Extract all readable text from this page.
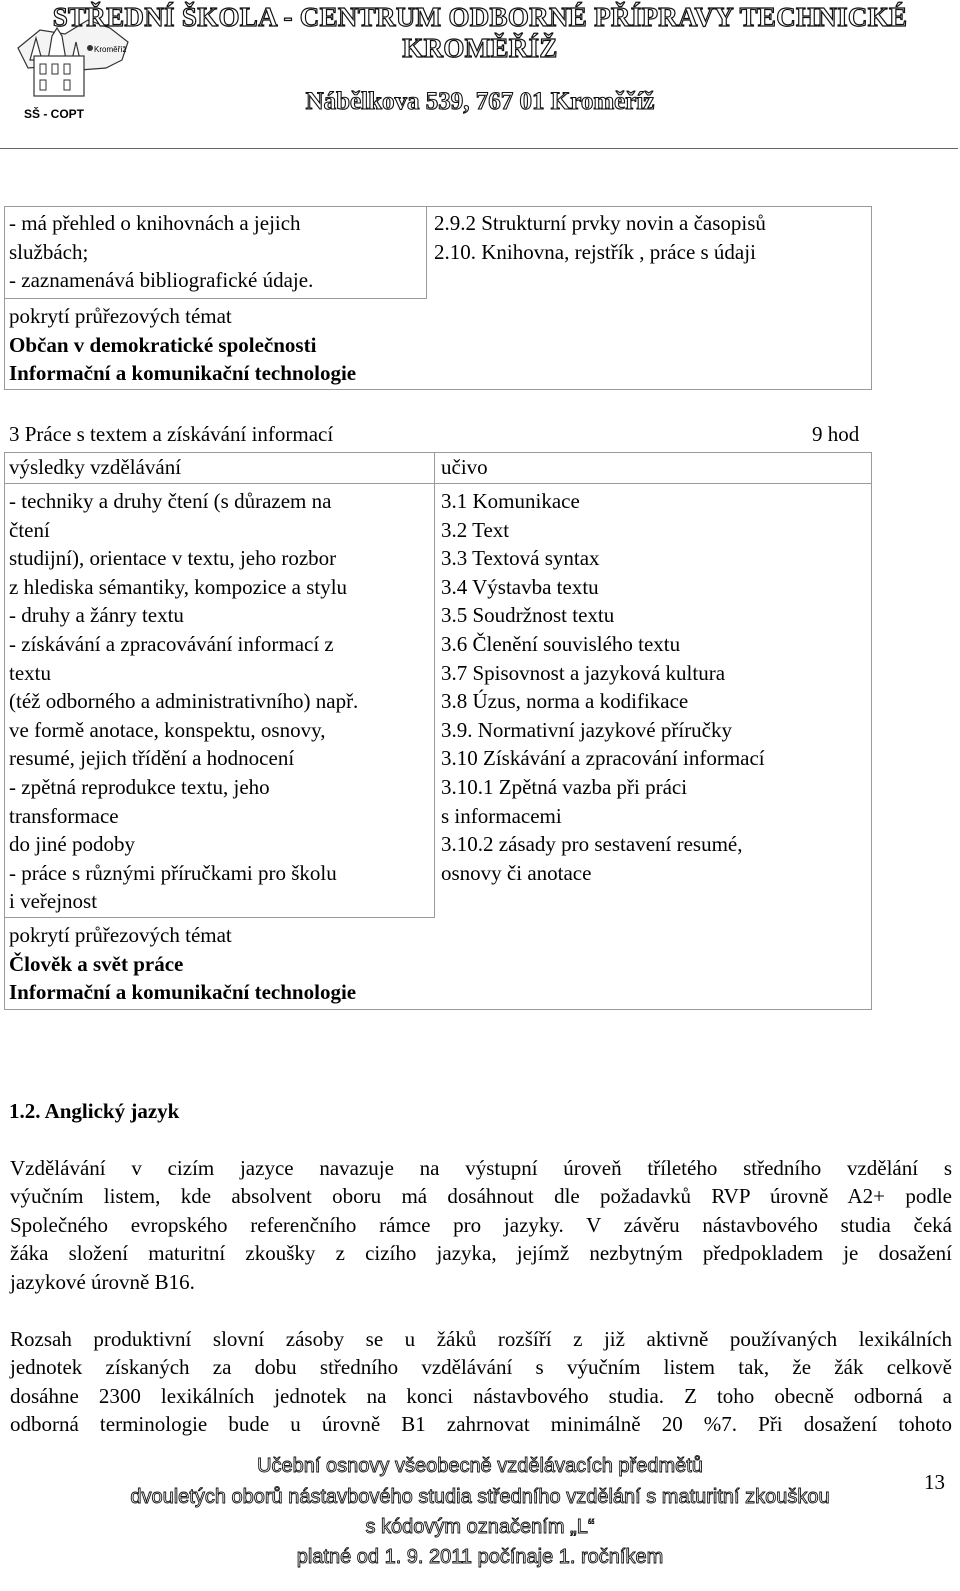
Kroměříž
SŠ - COPT
STŘEDNÍ ŠKOLA - CENTRUM ODBORNÉ PŘÍPRAVY TECHNICKÉ
KROMĚŘÍŽ
Nábělkova 539, 767 01 Kroměříž
- má přehled o knihovnách a jejich
službách;
- zaznamenává bibliografické údaje.
2.9.2 Strukturní prvky novin a časopisů
2.10. Knihovna, rejstřík , práce s údaji
pokrytí průřezových témat
Občan v demokratické společnosti
Informační a komunikační technologie
3 Práce s textem a získávání informací	9 hod
výsledky vzdělávání	učivo
- techniky a druhy čtení (s důrazem na
čtení
studijní), orientace v textu, jeho rozbor
z hlediska sémantiky, kompozice a stylu
- druhy a žánry textu
- získávání a zpracovávání informací z
textu
(též odborného a administrativního) např.
ve formě anotace, konspektu, osnovy,
resumé, jejich třídění a hodnocení
- zpětná reprodukce textu, jeho
transformace
do jiné podoby
- práce s různými příručkami pro školu
i veřejnost
3.1 Komunikace
3.2 Text
3.3 Textová syntax
3.4 Výstavba textu
3.5 Soudržnost textu
3.6 Členění souvislého textu
3.7 Spisovnost a jazyková kultura
3.8 Úzus, norma a kodifikace
3.9. Normativní jazykové příručky
3.10 Získávání a zpracování informací
3.10.1 Zpětná vazba při práci
s informacemi
3.10.2 zásady pro sestavení resumé,
osnovy či anotace
pokrytí průřezových témat
Člověk a svět práce
Informační a komunikační technologie
1.2. Anglický jazyk
Vzdělávání v cizím jazyce navazuje na výstupní úroveň tříletého středního vzdělání s
výučním listem, kde absolvent oboru má dosáhnout dle požadavků RVP úrovně A2+ podle
Společného evropského referenčního rámce pro jazyky. V závěru nástavbového studia čeká
žáka složení maturitní zkoušky z cizího jazyka, jejímž nezbytným předpokladem je dosažení
jazykové úrovně B16.
Rozsah produktivní slovní zásoby se u žáků rozšíří z již aktivně používaných lexikálních
jednotek získaných za dobu středního vzdělávání s výučním listem tak, že žák celkově
dosáhne 2300 lexikálních jednotek na konci nástavbového studia. Z toho obecně odborná a
odborná terminologie bude u úrovně B1 zahrnovat minimálně 20 %7. Při dosažení tohoto
Učební osnovy všeobecně vzdělávacích předmětů
dvouletých oborů nástavbového studia středního vzdělání s maturitní zkouškou
s kódovým označením „L“
platné od 1. 9. 2011 počínaje 1. ročníkem
13
